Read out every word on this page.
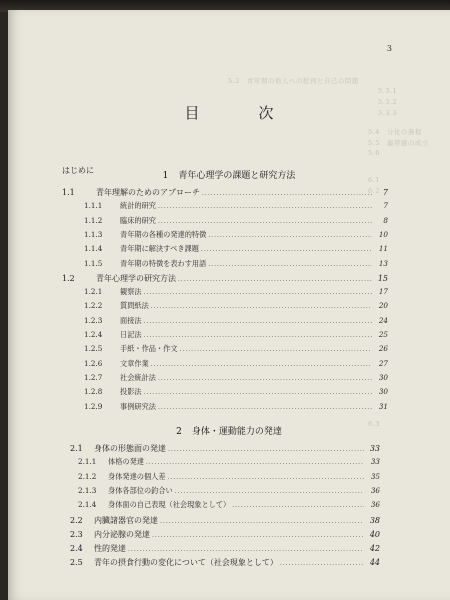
5.2　青年期の他人への批判と自己の問題
5.3.1
5.3.2
5.3.3
5.4　分化の過程
5.5　連帯感の成立
5.6
6.1
6.2
6.3
3
目　次
はじめに
1 青年心理学の課題と研究方法
1.1	青年理解のためのアプローチ .....	7
1.1.1	統計的研究 .....	7
1.1.2	臨床的研究 .....	8
1.1.3	青年期の各種の発達的特徴 .....	10
1.1.4	青年期に解決すべき課題 .....	11
1.1.5	青年期の特徴を表わす用語 .....	13
1.2	青年心理学の研究方法 .....	15
1.2.1	観察法 .....	17
1.2.2	質問紙法 .....	20
1.2.3	面接法 .....	24
1.2.4	日記法 .....	25
1.2.5	手紙・作品・作文 .....	26
1.2.6	文章作業 .....	27
1.2.7	社会統計法 .....	30
1.2.8	投影法 .....	30
1.2.9	事例研究法 .....	31
2 身体・運動能力の発達
2.1	身体の形態面の発達 .....	33
2.1.1	体格の発達 .....	33
2.1.2	身体発達の個人差 .....	35
2.1.3	身体各部位の釣合い .....	36
2.1.4	身体面の自己表現（社会現象として） .....	36
2.2	内臓諸器官の発達 .....	38
2.3	内分泌腺の発達 .....	40
2.4	性的発達 .....	42
2.5	青年の摂食行動の変化について（社会現象として） .....	44
